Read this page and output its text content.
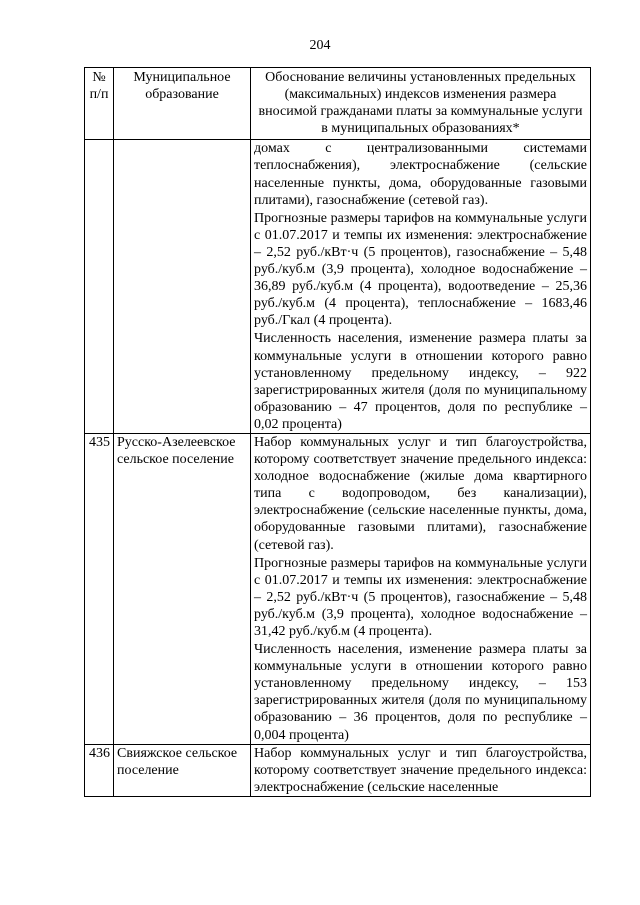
204
№ п/п	Муниципальное образование	Обоснование величины установленных предельных (максимальных) индексов изменения размера вносимой гражданами платы за коммунальные услуги в муниципальных образованиях*

		домах с централизованными системами теплоснабжения), электроснабжение (сельские населенные пункты, дома, оборудованные газовыми плитами), газоснабжение (сетевой газ).

Прогнозные размеры тарифов на коммунальные услуги с 01.07.2017 и темпы их изменения: электроснабжение – 2,52 руб./кВт·ч (5 процентов), газоснабжение – 5,48 руб./куб.м (3,9 процента), холодное водоснабжение – 36,89 руб./куб.м (4 процента), водоотведение – 25,36 руб./куб.м (4 процента), теплоснабжение – 1683,46 руб./Гкал (4 процента).

Численность населения, изменение размера платы за коммунальные услуги в отношении которого равно установленному предельному индексу, – 922 зарегистрированных жителя (доля по муниципальному образованию – 47 процентов, доля по республике – 0,02 процента)

435	Русско-Азелеевское сельское поселение	Набор коммунальных услуг и тип благоустройства, которому соответствует значение предельного индекса: холодное водоснабжение (жилые дома квартирного типа с водопроводом, без канализации), электроснабжение (сельские населенные пункты, дома, оборудованные газовыми плитами), газоснабжение (сетевой газ).

Прогнозные размеры тарифов на коммунальные услуги с 01.07.2017 и темпы их изменения: электроснабжение – 2,52 руб./кВт·ч (5 процентов), газоснабжение – 5,48 руб./куб.м (3,9 процента), холодное водоснабжение – 31,42 руб./куб.м (4 процента).

Численность населения, изменение размера платы за коммунальные услуги в отношении которого равно установленному предельному индексу, – 153 зарегистрированных жителя (доля по муниципальному образованию – 36 процентов, доля по республике – 0,004 процента)

436	Свияжское сельское поселение	Набор коммунальных услуг и тип благоустройства, которому соответствует значение предельного индекса: электроснабжение (сельские населенные
